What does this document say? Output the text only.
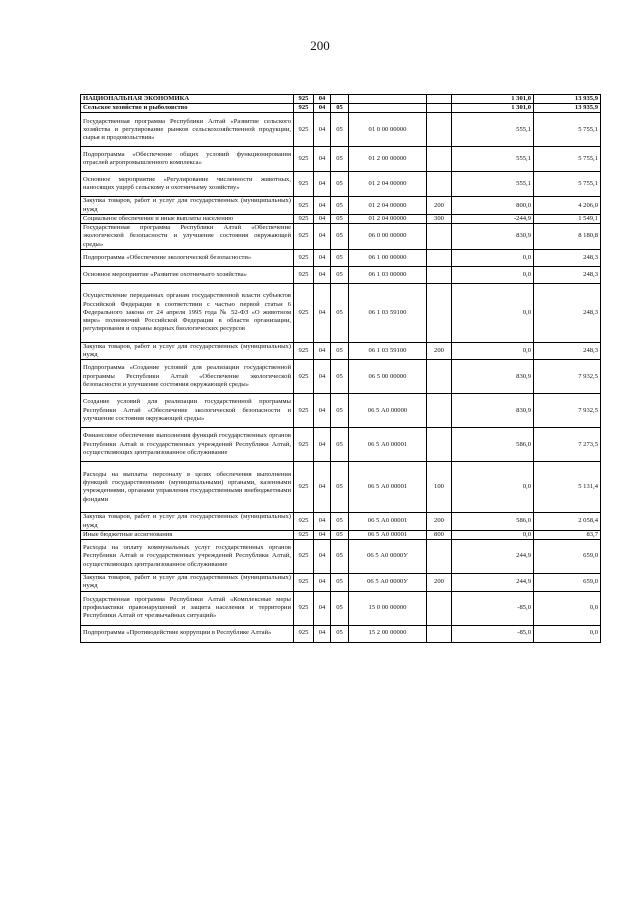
200
НАЦИОНАЛЬНАЯ ЭКОНОМИКА	925	04				1 301,0	13 935,9
Сельское хозяйство и рыболовство	925	04	05			1 301,0	13 935,9
Государственная программа Республики Алтай «Развитие сельского хозяйства и регулирование рынков сельскохозяйственной продукции, сырья и продовольствия»	925	04	05	01 0 00 00000		555,1	5 755,1
Подпрограмма «Обеспечение общих условий функционирования отраслей агропромышленного комплекса»	925	04	05	01 2 00 00000		555,1	5 755,1
Основное мероприятие «Регулирование численности животных, наносящих ущерб сельскому и охотничьему хозяйству»	925	04	05	01 2 04 00000		555,1	5 755,1
Закупка товаров, работ и услуг для государственных (муниципальных) нужд	925	04	05	01 2 04 00000	200	800,0	4 206,0
Социальное обеспечение и иные выплаты населению	925	04	05	01 2 04 00000	300	-244,9	1 549,1
Государственная программа Республики Алтай «Обеспечение экологической безопасности и улучшение состояния окружающей среды»	925	04	05	06 0 00 00000		830,9	8 180,8
Подпрограмма «Обеспечение экологической безопасности»	925	04	05	06 1 00 00000		0,0	248,3
Основное мероприятие «Развитие охотничьего хозяйства»	925	04	05	06 1 03 00000		0,0	248,3
Осуществление переданных органам государственной власти субъектов Российской Федерации в соответствии с частью первой статьи 6 Федерального закона от 24 апреля 1995 года № 52-ФЗ «О животном мире» полномочий Российской Федерации в области организации, регулирования и охраны водных биологических ресурсов	925	04	05	06 1 03 59100		0,0	248,3
Закупка товаров, работ и услуг для государственных (муниципальных) нужд	925	04	05	06 1 03 59100	200	0,0	248,3
Подпрограмма «Создание условий для реализации государственной программы Республики Алтай «Обеспечение экологической безопасности и улучшение состояния окружающей среды»	925	04	05	06 5 00 00000		830,9	7 932,5
Создание условий для реализации государственной программы Республики Алтай «Обеспечение экологической безопасности и улучшение состояния окружающей среды»	925	04	05	06 5 А0 00000		830,9	7 932,5
Финансовое обеспечение выполнения функций государственных органов Республики Алтай и государственных учреждений Республики Алтай, осуществляющих централизованное обслуживание	925	04	05	06 5 А0 00001		586,0	7 273,5
Расходы на выплаты персоналу в целях обеспечения выполнения функций государственными (муниципальными) органами, казенными учреждениями, органами управления государственными внебюджетными фондами	925	04	05	06 5 А0 00001	100	0,0	5 131,4
Закупка товаров, работ и услуг для государственных (муниципальных) нужд	925	04	05	06 5 А0 00001	200	586,0	2 058,4
Иные бюджетные ассигнования	925	04	05	06 5 А0 00001	800	0,0	83,7
Расходы на оплату коммунальных услуг государственных органов Республики Алтай и государственных учреждений Республики Алтай, осуществляющих централизованное обслуживание	925	04	05	06 5 А0 0000У		244,9	659,0
Закупка товаров, работ и услуг для государственных (муниципальных) нужд	925	04	05	06 5 А0 0000У	200	244,9	659,0
Государственная программа Республики Алтай «Комплексные меры профилактики правонарушений и защита населения и территории Республики Алтай от чрезвычайных ситуаций»	925	04	05	15 0 00 00000		-85,0	0,0
Подпрограмма «Противодействие коррупции в Республике Алтай»	925	04	05	15 2 00 00000		-85,0	0,0
